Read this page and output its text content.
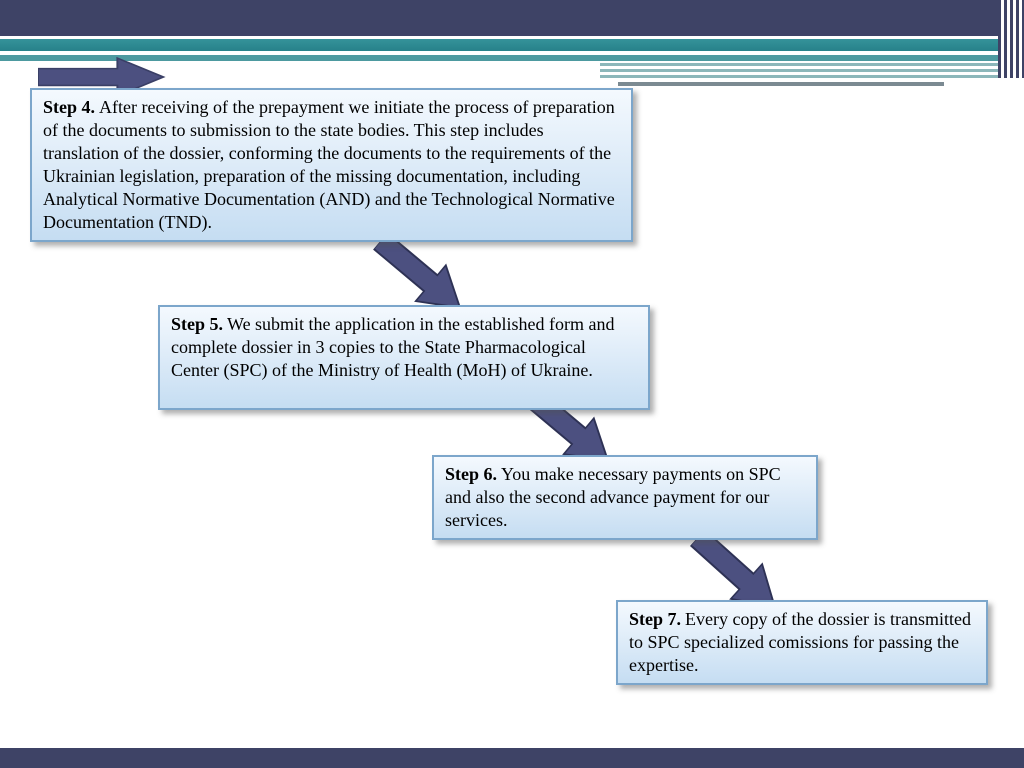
Step 4. After receiving of the prepayment we initiate the process of preparation of the documents to submission to the state bodies. This step includes translation of the dossier, conforming the documents to the requirements of the Ukrainian legislation, preparation of the missing documentation, including Analytical Normative Documentation (AND) and the Technological Normative Documentation (TND).
Step 5. We submit the application in the established form and complete dossier in 3 copies to the State Pharmacological Center (SPC) of the Ministry of Health (MoH) of Ukraine.
Step 6. You make necessary payments on SPC and also the second advance payment for our services.
Step 7. Every copy of the dossier is transmitted to SPC specialized comissions for passing the expertise.
